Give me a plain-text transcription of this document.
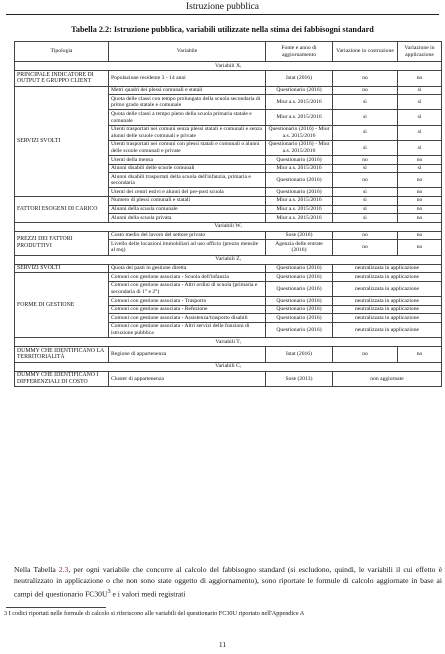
Istruzione pubblica
Tabella 2.2: Istruzione pubblica, variabili utilizzate nella stima dei fabbisogni standard
Tipologia	Variabile	Fonte e anno di aggiornamento	Variazione in costruzione	Variazione in applicazione
Variabili Xᵢ				
PRINCIPALE INDICATORE DI OUTPUT E GRUPPO CLIENT	Popolazione residente 3 - 14 anni	Istat (2016)	no	no
SERVIZI SVOLTI	Metri quadri dei plessi comunali e statali	Questionario (2016)	no	sì
	Quota delle classi con tempo prolungato della scuola secondaria di primo grado statale e comunale	Miur a.s. 2015/2016	sì	sì
	Quota delle classi a tempo pieno della scuola primaria statale e comunale	Miur a.s. 2015/2016	sì	sì
	Utenti trasportati nei comuni senza plessi statali e comunali e senza alunni delle scuole comunali e private	Questionario (2016) - Miur a.s. 2015/2016	sì	sì
	Utenti trasportati nei comuni con plessi statali e comunali o alunni delle scuole comunali e private	Questionario (2016) - Miur a.s. 2015/2016	sì	sì
	Utenti della mensa	Questionario (2016)	no	no
	Alunni disabili delle scuole comunali	Miur a.s. 2015/2016	sì	sì
	Alunni disabili trasportati della scuola dell'infanzia, primaria e secondaria	Questionario (2016)	no	no
	Utenti dei centri estivi e alunni del pre-post scuola	Questionario (2016)	sì	no
FATTORI ESOGENI DI CARICO	Numero di plessi comunali e statali	Miur a.s. 2015/2016	sì	no
	Alunni della scuola comunale	Miur a.s. 2015/2016	sì	no
	Alunni della scuola privata	Miur a.s. 2015/2016	sì	no
Variabili Wᵢ				
PREZZI DEI FATTORI PRODUTTIVI	Costo medio del lavoro del settore privato	Sose (2016)	no	no
	Livello delle locazioni immobiliari ad uso ufficio (prezzo mensile al mq)	Agenzia delle entrate (2016)	no	no
Variabili Zᵢ				
SERVIZI SVOLTI	Quota dei pasti in gestione diretta	Questionario (2016)	neutralizzata in applicazione	
FORME DI GESTIONE	Comuni con gestione associata - Scuola dell'infanzia	Questionario (2016)	neutralizzata in applicazione	
	Comuni con gestione associata - Altri ordini di scuola (primaria e secondaria di 1° e 2°)	Questionario (2016)	neutralizzata in applicazione	
	Comuni con gestione associata - Trasporto	Questionario (2016)	neutralizzata in applicazione	
	Comuni con gestione associata - Refezione	Questionario (2016)	neutralizzata in applicazione	
	Comuni con gestione associata - Assistenza/trasporto disabili	Questionario (2016)	neutralizzata in applicazione	
	Comuni con gestione associata - Altri servizi delle funzioni di istruzione pubblica	Questionario (2016)	neutralizzata in applicazione	
Variabili Tᵢ				
DUMMY CHE IDENTIFICANO LA TERRITORIALITÀ	Regione di appartenenza	Istat (2016)	no	no
Variabili Cᵢ				
DUMMY CHE IDENTIFICANO I DIFFERENZIALI DI COSTO	Cluster di appartenenza	Sose (2013)	non aggiornate	
Nella Tabella 2.3, per ogni variabile che concorre al calcolo del fabbisogno standard (si escludono, quindi, le variabili il cui effetto è neutralizzato in applicazione o che non sono state oggetto di aggiornamento), sono riportate le formule di calcolo aggiornate in base ai campi del questionario $FC30U^3$ e i valori medi registrati
3 I codici riportati nelle formule di calcolo si riferiscono alle variabili del questionario FC30U riportato nell'Appendice A
11
